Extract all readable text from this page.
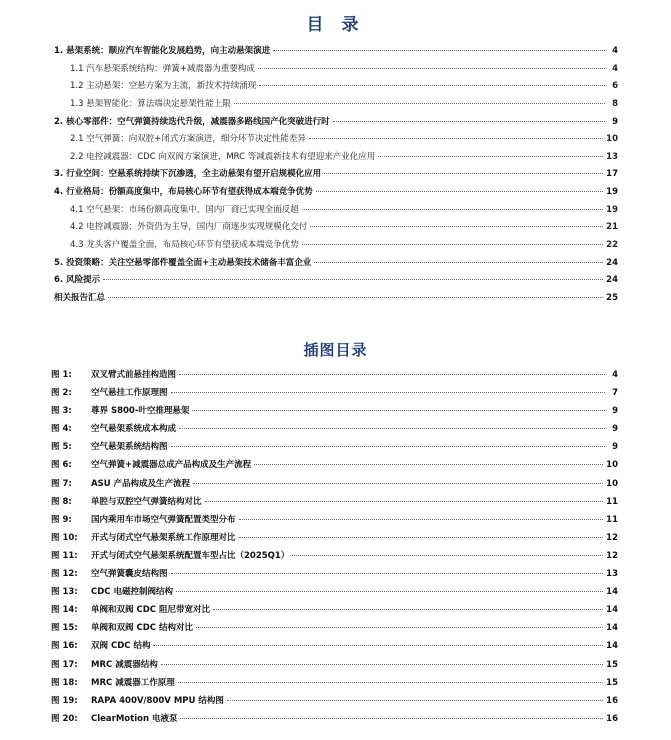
目 录
1. 悬架系统：顺应汽车智能化发展趋势，向主动悬架演进	4
1.1 汽车悬架系统结构：弹簧+减震器为重要构成	4
1.2 主动悬架：空悬方案为主流，新技术持续涌现	6
1.3 悬架智能化：算法端决定悬架性能上限	8
2. 核心零部件：空气弹簧持续迭代升级，减震器多路线国产化突破进行时	9
2.1 空气弹簧：向双腔+闭式方案演进，细分环节决定性能差异	10
2.2 电控减震器：CDC 向双阀方案演进，MRC 等减震新技术有望迎来产业化应用	13
3. 行业空间：空悬系统持续下沉渗透，全主动悬架有望开启规模化应用	17
4. 行业格局：份额高度集中，布局核心环节有望获得成本端竞争优势	19
4.1 空气悬架：市场份额高度集中，国内厂商已实现全面反超	19
4.2 电控减震器：外资仍为主导，国内厂商逐步实现规模化交付	21
4.3 龙头客户覆盖全面，布局核心环节有望获成本端竞争优势	22
5. 投资策略：关注空悬零部件覆盖全面+主动悬架技术储备丰富企业	24
6. 风险提示	24
相关报告汇总	25
插图目录
图 1: 双叉臂式前悬挂构造图	4
图 2: 空气悬挂工作原理图	7
图 3: 尊界 S800-叶空推理悬架	9
图 4: 空气悬架系统成本构成	9
图 5: 空气悬架系统结构图	9
图 6: 空气弹簧+减震器总成产品构成及生产流程	10
图 7: ASU 产品构成及生产流程	10
图 8: 单腔与双腔空气弹簧结构对比	11
图 9: 国内乘用车市场空气弹簧配置类型分布	11
图 10: 开式与闭式空气悬架系统工作原理对比	12
图 11: 开式与闭式空气悬架系统配置车型占比（2025Q1）	12
图 12: 空气弹簧囊皮结构图	13
图 13: CDC 电磁控制阀结构	14
图 14: 单阀和双阀 CDC 阻尼带宽对比	14
图 15: 单阀和双阀 CDC 结构对比	14
图 16: 双阀 CDC 结构	14
图 17: MRC 减震器结构	15
图 18: MRC 减震器工作原理	15
图 19: RAPA 400V/800V MPU 结构图	16
图 20: ClearMotion 电液泵	16
